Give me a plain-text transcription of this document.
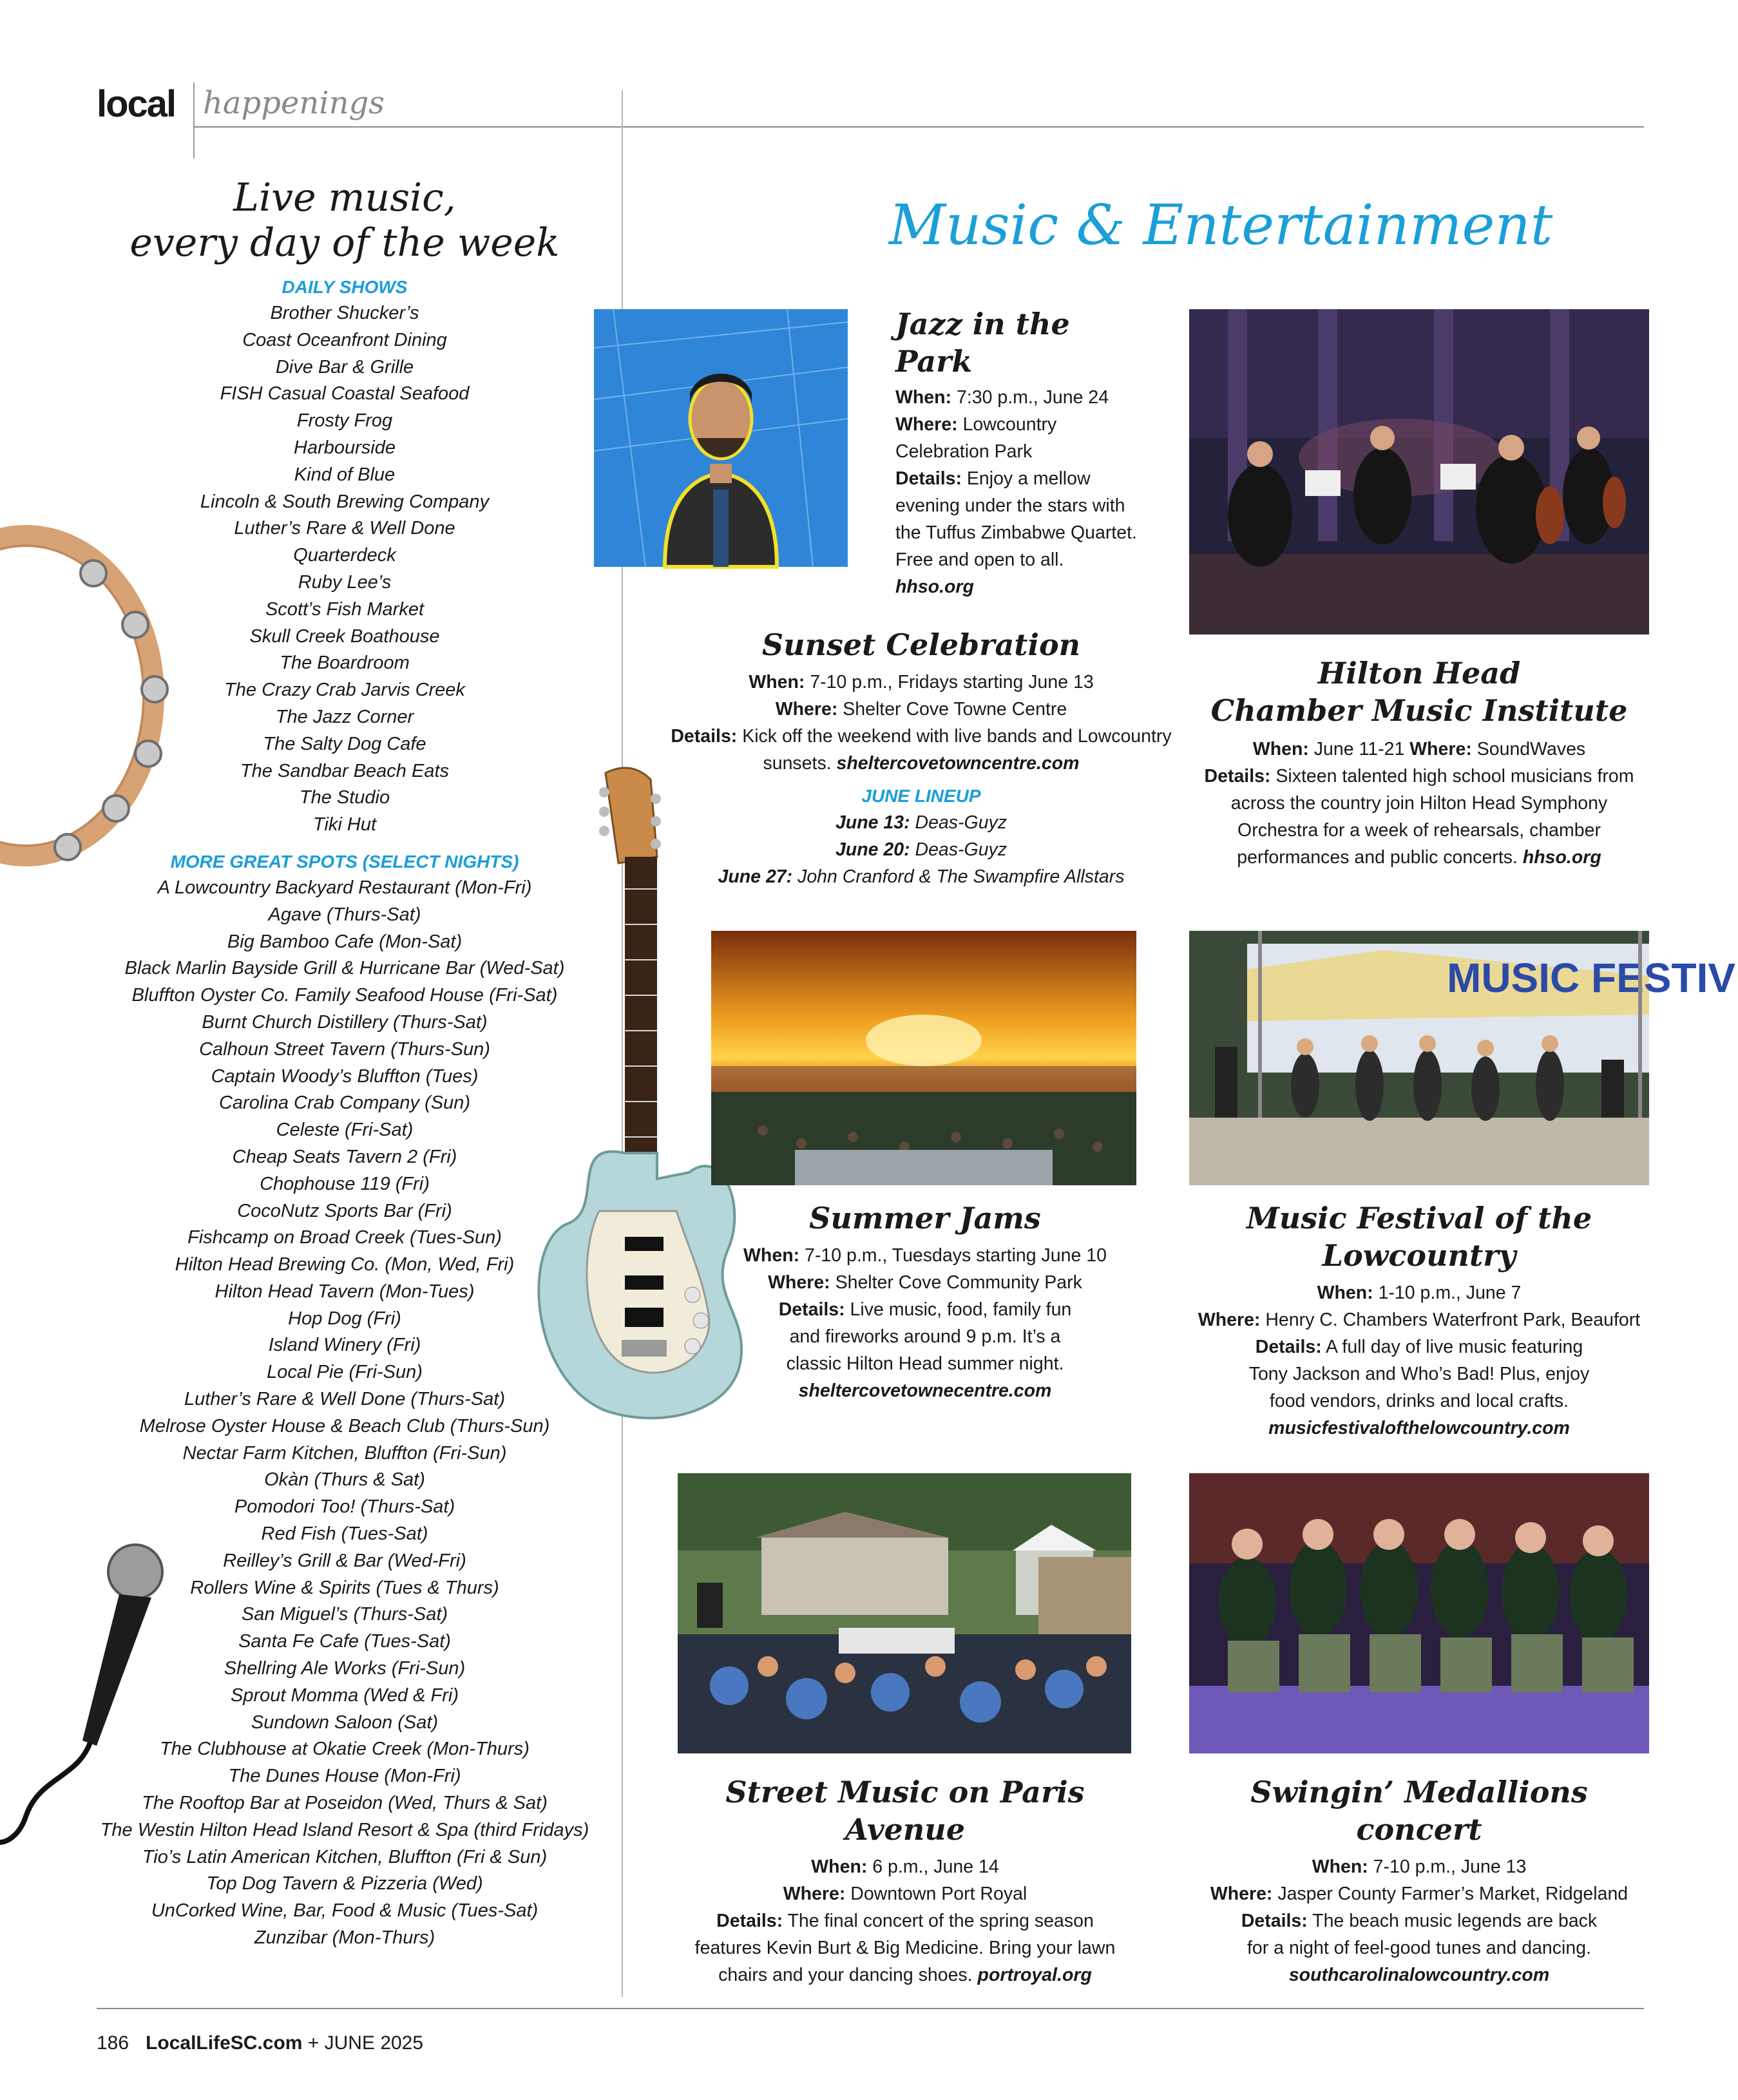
local happenings
Live music,
every day of the week
DAILY SHOWS
Brother Shucker’s
Coast Oceanfront Dining
Dive Bar & Grille
FISH Casual Coastal Seafood
Frosty Frog
Harbourside
Kind of Blue
Lincoln & South Brewing Company
Luther’s Rare & Well Done
Quarterdeck
Ruby Lee’s
Scott’s Fish Market
Skull Creek Boathouse
The Boardroom
The Crazy Crab Jarvis Creek
The Jazz Corner
The Salty Dog Cafe
The Sandbar Beach Eats
The Studio
Tiki Hut
MORE GREAT SPOTS (SELECT NIGHTS)
A Lowcountry Backyard Restaurant (Mon-Fri)
Agave (Thurs-Sat)
Big Bamboo Cafe (Mon-Sat)
Black Marlin Bayside Grill & Hurricane Bar (Wed-Sat)
Bluffton Oyster Co. Family Seafood House (Fri-Sat)
Burnt Church Distillery (Thurs-Sat)
Calhoun Street Tavern (Thurs-Sun)
Captain Woody’s Bluffton (Tues)
Carolina Crab Company (Sun)
Celeste (Fri-Sat)
Cheap Seats Tavern 2 (Fri)
Chophouse 119 (Fri)
CocoNutz Sports Bar (Fri)
Fishcamp on Broad Creek (Tues-Sun)
Hilton Head Brewing Co. (Mon, Wed, Fri)
Hilton Head Tavern (Mon-Tues)
Hop Dog (Fri)
Island Winery (Fri)
Local Pie (Fri-Sun)
Luther’s Rare & Well Done (Thurs-Sat)
Melrose Oyster House & Beach Club (Thurs-Sun)
Nectar Farm Kitchen, Bluffton (Fri-Sun)
Okàn (Thurs & Sat)
Pomodori Too! (Thurs-Sat)
Red Fish (Tues-Sat)
Reilley’s Grill & Bar (Wed-Fri)
Rollers Wine & Spirits (Tues & Thurs)
San Miguel’s (Thurs-Sat)
Santa Fe Cafe (Tues-Sat)
Shellring Ale Works (Fri-Sun)
Sprout Momma (Wed & Fri)
Sundown Saloon (Sat)
The Clubhouse at Okatie Creek (Mon-Thurs)
The Dunes House (Mon-Fri)
The Rooftop Bar at Poseidon (Wed, Thurs & Sat)
The Westin Hilton Head Island Resort & Spa (third Fridays)
Tio’s Latin American Kitchen, Bluffton (Fri & Sun)
Top Dog Tavern & Pizzeria (Wed)
UnCorked Wine, Bar, Food & Music (Tues-Sat)
Zunzibar (Mon-Thurs)
Music & Entertainment
Jazz in the Park
When: 7:30 p.m., June 24
Where: Lowcountry Celebration Park
Details: Enjoy a mellow evening under the stars with the Tuffus Zimbabwe Quartet. Free and open to all. hhso.org
Sunset Celebration
When: 7-10 p.m., Fridays starting June 13
Where: Shelter Cove Towne Centre
Details: Kick off the weekend with live bands and Lowcountry sunsets. sheltercovetowncentre.com
JUNE LINEUP
June 13: Deas-Guyz
June 20: Deas-Guyz
June 27: John Cranford & The Swampfire Allstars
Hilton Head
Chamber Music Institute
When: June 11-21 Where: SoundWaves
Details: Sixteen talented high school musicians from across the country join Hilton Head Symphony Orchestra for a week of rehearsals, chamber performances and public concerts. hhso.org
MUSIC FESTIV
Summer Jams
When: 7-10 p.m., Tuesdays starting June 10
Where: Shelter Cove Community Park
Details: Live music, food, family fun and fireworks around 9 p.m. It’s a classic Hilton Head summer night.
sheltercovetownecentre.com
Music Festival of the Lowcountry
When: 1-10 p.m., June 7
Where: Henry C. Chambers Waterfront Park, Beaufort
Details: A full day of live music featuring Tony Jackson and Who’s Bad! Plus, enjoy food vendors, drinks and local crafts.
musicfestivalofthelowcountry.com
Street Music on Paris Avenue
When: 6 p.m., June 14
Where: Downtown Port Royal
Details: The final concert of the spring season features Kevin Burt & Big Medicine. Bring your lawn chairs and your dancing shoes. portroyal.org
Swingin’ Medallions concert
When: 7-10 p.m., June 13
Where: Jasper County Farmer’s Market, Ridgeland
Details: The beach music legends are back for a night of feel-good tunes and dancing.
southcarolinalowcountry.com
186 LocalLifeSC.com + JUNE 2025
